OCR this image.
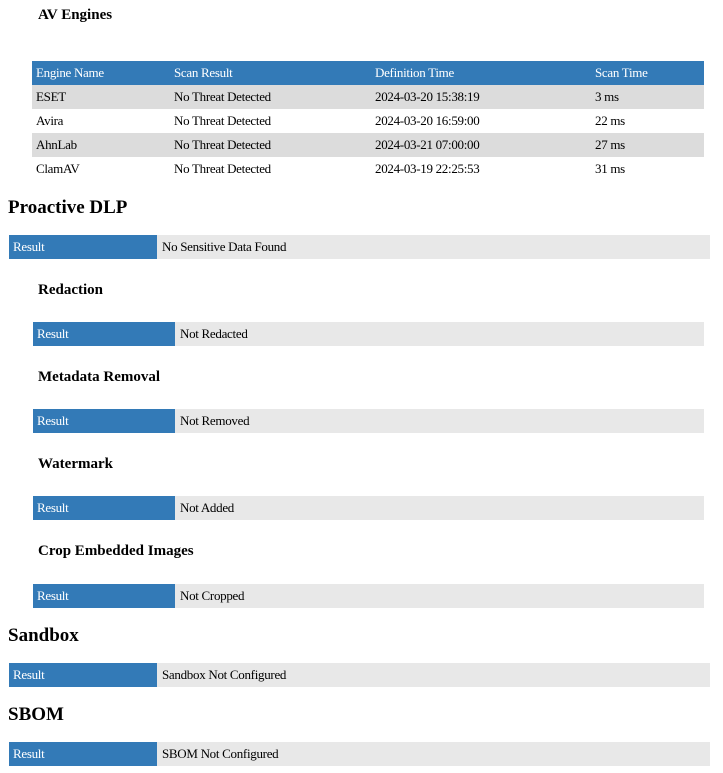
AV Engines
Engine Name	Scan Result	Definition Time	Scan Time
ESET	No Threat Detected	2024-03-20 15:38:19	3 ms
Avira	No Threat Detected	2024-03-20 16:59:00	22 ms
AhnLab	No Threat Detected	2024-03-21 07:00:00	27 ms
ClamAV	No Threat Detected	2024-03-19 22:25:53	31 ms
Proactive DLP
Result	No Sensitive Data Found
Redaction
Result	Not Redacted
Metadata Removal
Result	Not Removed
Watermark
Result	Not Added
Crop Embedded Images
Result	Not Cropped
Sandbox
Result	Sandbox Not Configured
SBOM
Result	SBOM Not Configured
